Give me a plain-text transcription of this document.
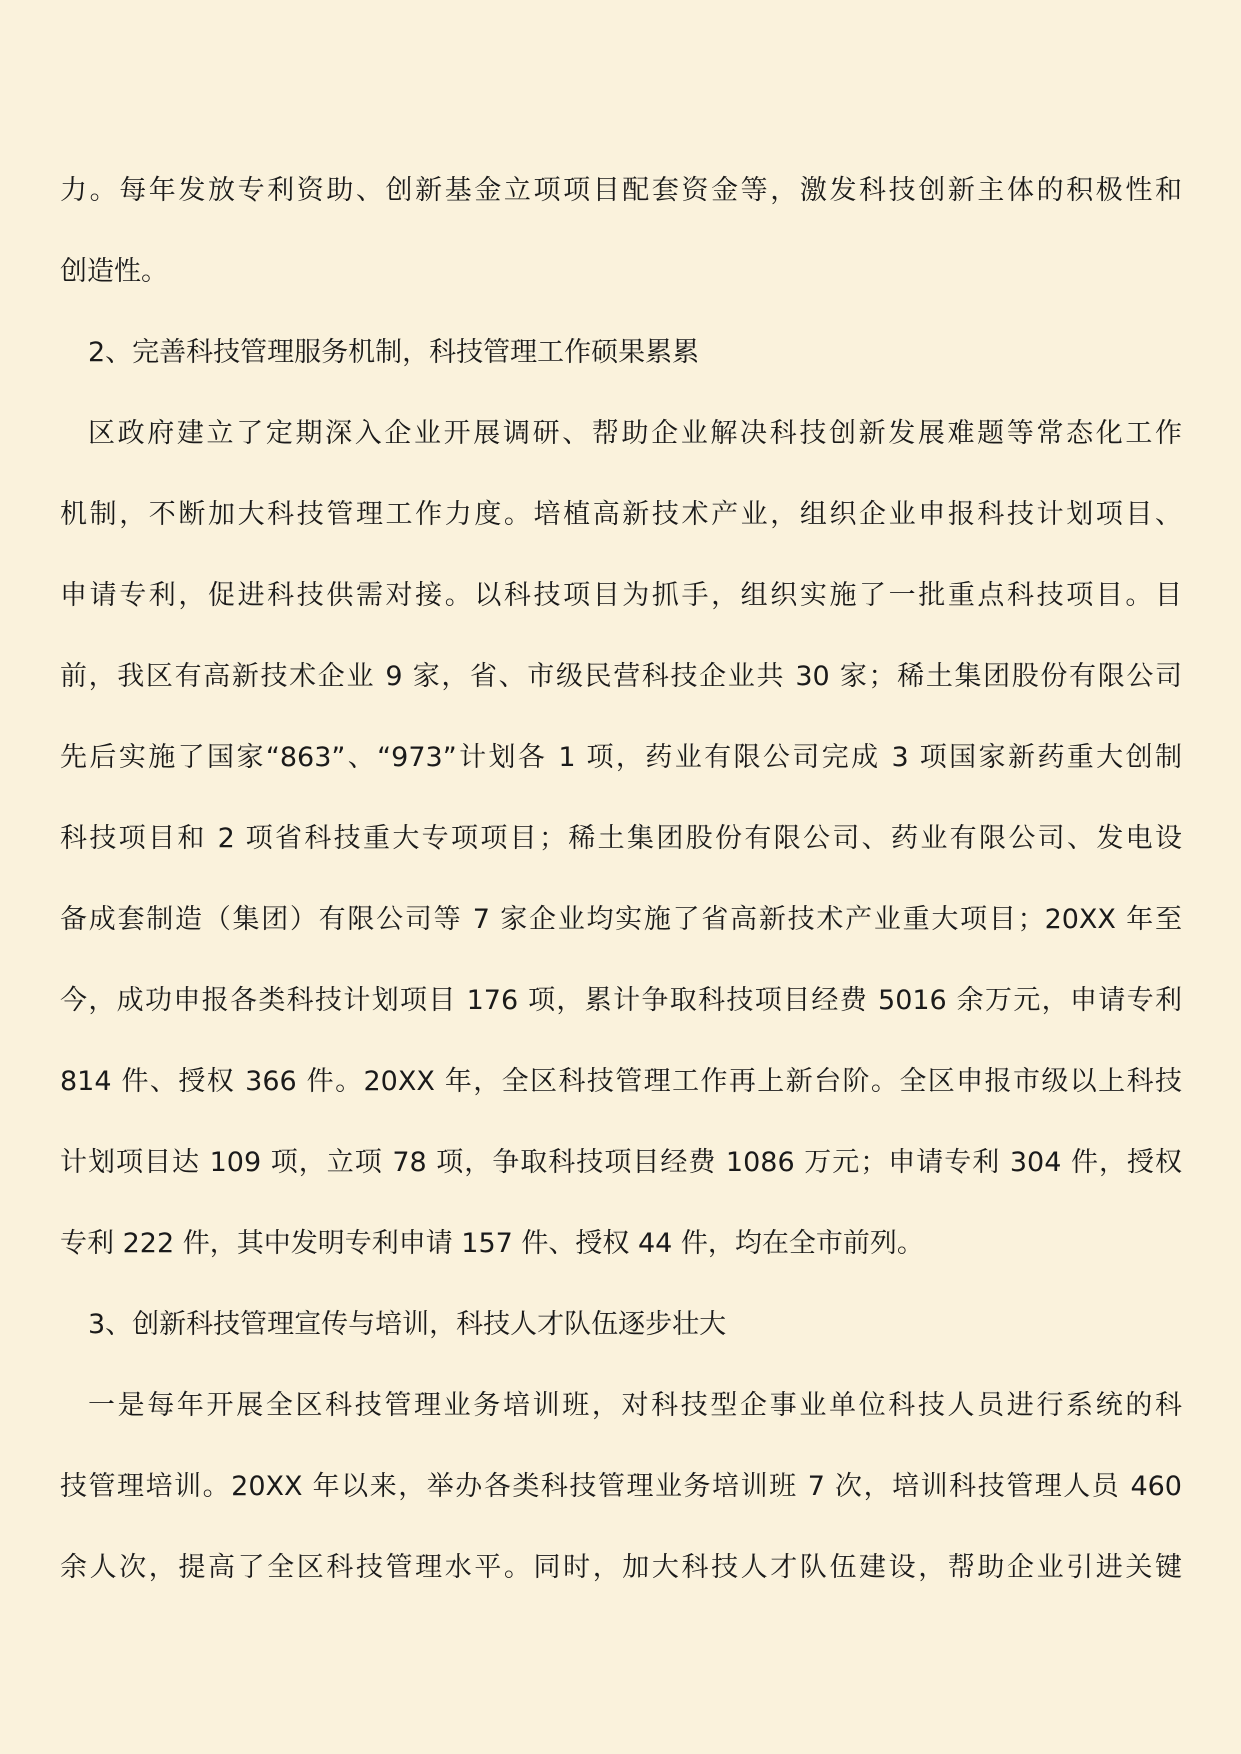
力。每年发放专利资助、创新基金立项项目配套资金等，激发科技创新主体的积极性和
创造性。
2、完善科技管理服务机制，科技管理工作硕果累累
区政府建立了定期深入企业开展调研、帮助企业解决科技创新发展难题等常态化工作
机制，不断加大科技管理工作力度。培植高新技术产业，组织企业申报科技计划项目、
申请专利，促进科技供需对接。以科技项目为抓手，组织实施了一批重点科技项目。目
前，我区有高新技术企业 9 家，省、市级民营科技企业共 30 家；稀土集团股份有限公司
先后实施了国家“863”、“973”计划各 1 项，药业有限公司完成 3 项国家新药重大创制
科技项目和 2 项省科技重大专项项目；稀土集团股份有限公司、药业有限公司、发电设
备成套制造（集团）有限公司等 7 家企业均实施了省高新技术产业重大项目；20XX 年至
今，成功申报各类科技计划项目 176 项，累计争取科技项目经费 5016 余万元，申请专利
814 件、授权 366 件。20XX 年，全区科技管理工作再上新台阶。全区申报市级以上科技
计划项目达 109 项，立项 78 项，争取科技项目经费 1086 万元；申请专利 304 件，授权
专利 222 件，其中发明专利申请 157 件、授权 44 件，均在全市前列。
3、创新科技管理宣传与培训，科技人才队伍逐步壮大
一是每年开展全区科技管理业务培训班，对科技型企事业单位科技人员进行系统的科
技管理培训。20XX 年以来，举办各类科技管理业务培训班 7 次，培训科技管理人员 460
余人次，提高了全区科技管理水平。同时，加大科技人才队伍建设，帮助企业引进关键
